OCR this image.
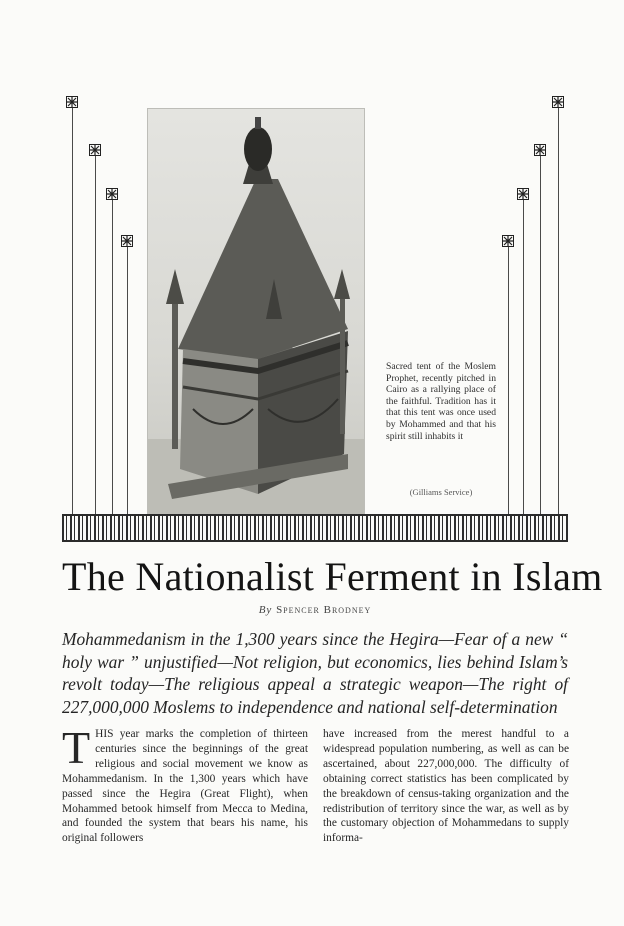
Sacred tent of the Moslem Prophet, recently pitched in Cairo as a rallying place of the faithful. Tradition has it that this tent was once used by Mohammed and that his spirit still inhabits it
(Gilliams Service)
The Nationalist Ferment in Islam
By Spencer Brodney
Mohammedanism in the 1,300 years since the Hegira—Fear of a new “ holy war ” unjustified—Not religion, but economics, lies behind Islam’s revolt today—The religious appeal a strategic weapon—The right of 227,000,000 Moslems to independence and national self-determination
THIS year marks the completion of thirteen centuries since the beginnings of the great religious and social movement we know as Mohammedanism. In the 1,300 years which have passed since the Hegira (Great Flight), when Mohammed betook himself from Mecca to Medina, and founded the system that bears his name, his original followers
have increased from the merest handful to a widespread population numbering, as well as can be ascertained, about 227,000,000. The difficulty of obtaining correct statistics has been complicated by the breakdown of census-taking organization and the redistribution of territory since the war, as well as by the customary objection of Mohammedans to supply informa-
